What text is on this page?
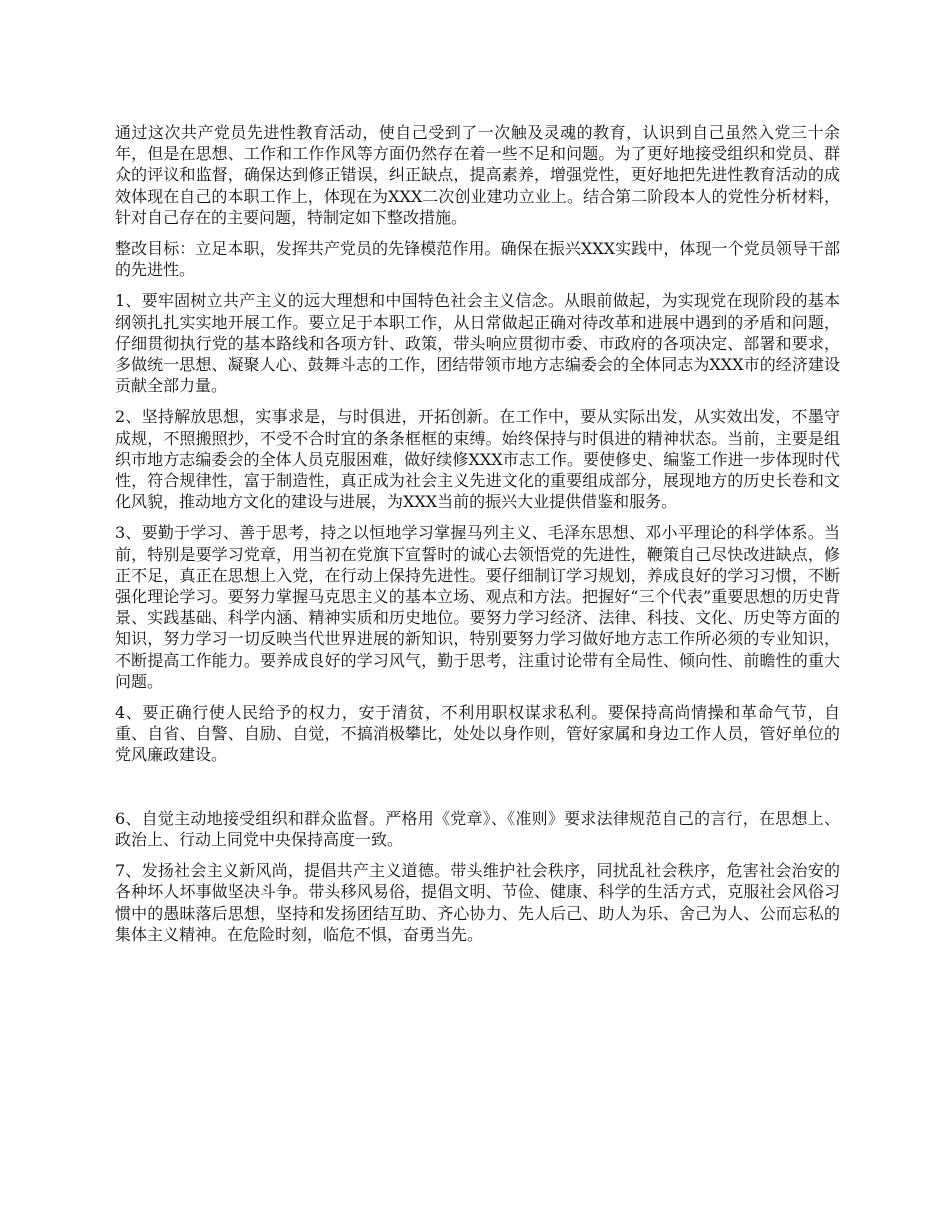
通过这次共产党员先进性教育活动，使自己受到了一次触及灵魂的教育，认识到自己虽然入党三十余年，但是在思想、工作和工作作风等方面仍然存在着一些不足和问题。为了更好地接受组织和党员、群众的评议和监督，确保达到修正错误，纠正缺点，提高素养，增强党性，更好地把先进性教育活动的成效体现在自己的本职工作上，体现在为XXX二次创业建功立业上。结合第二阶段本人的党性分析材料，针对自己存在的主要问题，特制定如下整改措施。

整改目标：立足本职，发挥共产党员的先锋模范作用。确保在振兴XXX实践中，体现一个党员领导干部的先进性。

1、要牢固树立共产主义的远大理想和中国特色社会主义信念。从眼前做起，为实现党在现阶段的基本纲领扎扎实实地开展工作。要立足于本职工作，从日常做起正确对待改革和进展中遇到的矛盾和问题，仔细贯彻执行党的基本路线和各项方针、政策，带头响应贯彻市委、市政府的各项决定、部署和要求，多做统一思想、凝聚人心、鼓舞斗志的工作，团结带领市地方志编委会的全体同志为XXX市的经济建设贡献全部力量。

2、坚持解放思想，实事求是，与时俱进，开拓创新。在工作中，要从实际出发，从实效出发，不墨守成规，不照搬照抄，不受不合时宜的条条框框的束缚。始终保持与时俱进的精神状态。当前，主要是组织市地方志编委会的全体人员克服困难，做好续修XXX市志工作。要使修史、编鉴工作进一步体现时代性，符合规律性，富于制造性，真正成为社会主义先进文化的重要组成部分，展现地方的历史长卷和文化风貌，推动地方文化的建设与进展，为XXX当前的振兴大业提供借鉴和服务。

3、要勤于学习、善于思考，持之以恒地学习掌握马列主义、毛泽东思想、邓小平理论的科学体系。当前，特别是要学习党章，用当初在党旗下宣誓时的诚心去领悟党的先进性，鞭策自己尽快改进缺点，修正不足，真正在思想上入党，在行动上保持先进性。要仔细制订学习规划，养成良好的学习习惯，不断强化理论学习。要努力掌握马克思主义的基本立场、观点和方法。把握好“三个代表”重要思想的历史背景、实践基础、科学内涵、精神实质和历史地位。要努力学习经济、法律、科技、文化、历史等方面的知识，努力学习一切反映当代世界进展的新知识，特别要努力学习做好地方志工作所必须的专业知识，不断提高工作能力。要养成良好的学习风气，勤于思考，注重讨论带有全局性、倾向性、前瞻性的重大问题。

4、要正确行使人民给予的权力，安于清贫，不利用职权谋求私利。要保持高尚情操和革命气节，自重、自省、自警、自励、自觉，不搞消极攀比，处处以身作则，管好家属和身边工作人员，管好单位的党风廉政建设。

6、自觉主动地接受组织和群众监督。严格用《党章》、《准则》要求法律规范自己的言行，在思想上、政治上、行动上同党中央保持高度一致。

7、发扬社会主义新风尚，提倡共产主义道德。带头维护社会秩序，同扰乱社会秩序，危害社会治安的各种坏人坏事做坚决斗争。带头移风易俗，提倡文明、节俭、健康、科学的生活方式，克服社会风俗习惯中的愚昧落后思想，坚持和发扬团结互助、齐心协力、先人后己、助人为乐、舍己为人、公而忘私的集体主义精神。在危险时刻，临危不惧，奋勇当先。
